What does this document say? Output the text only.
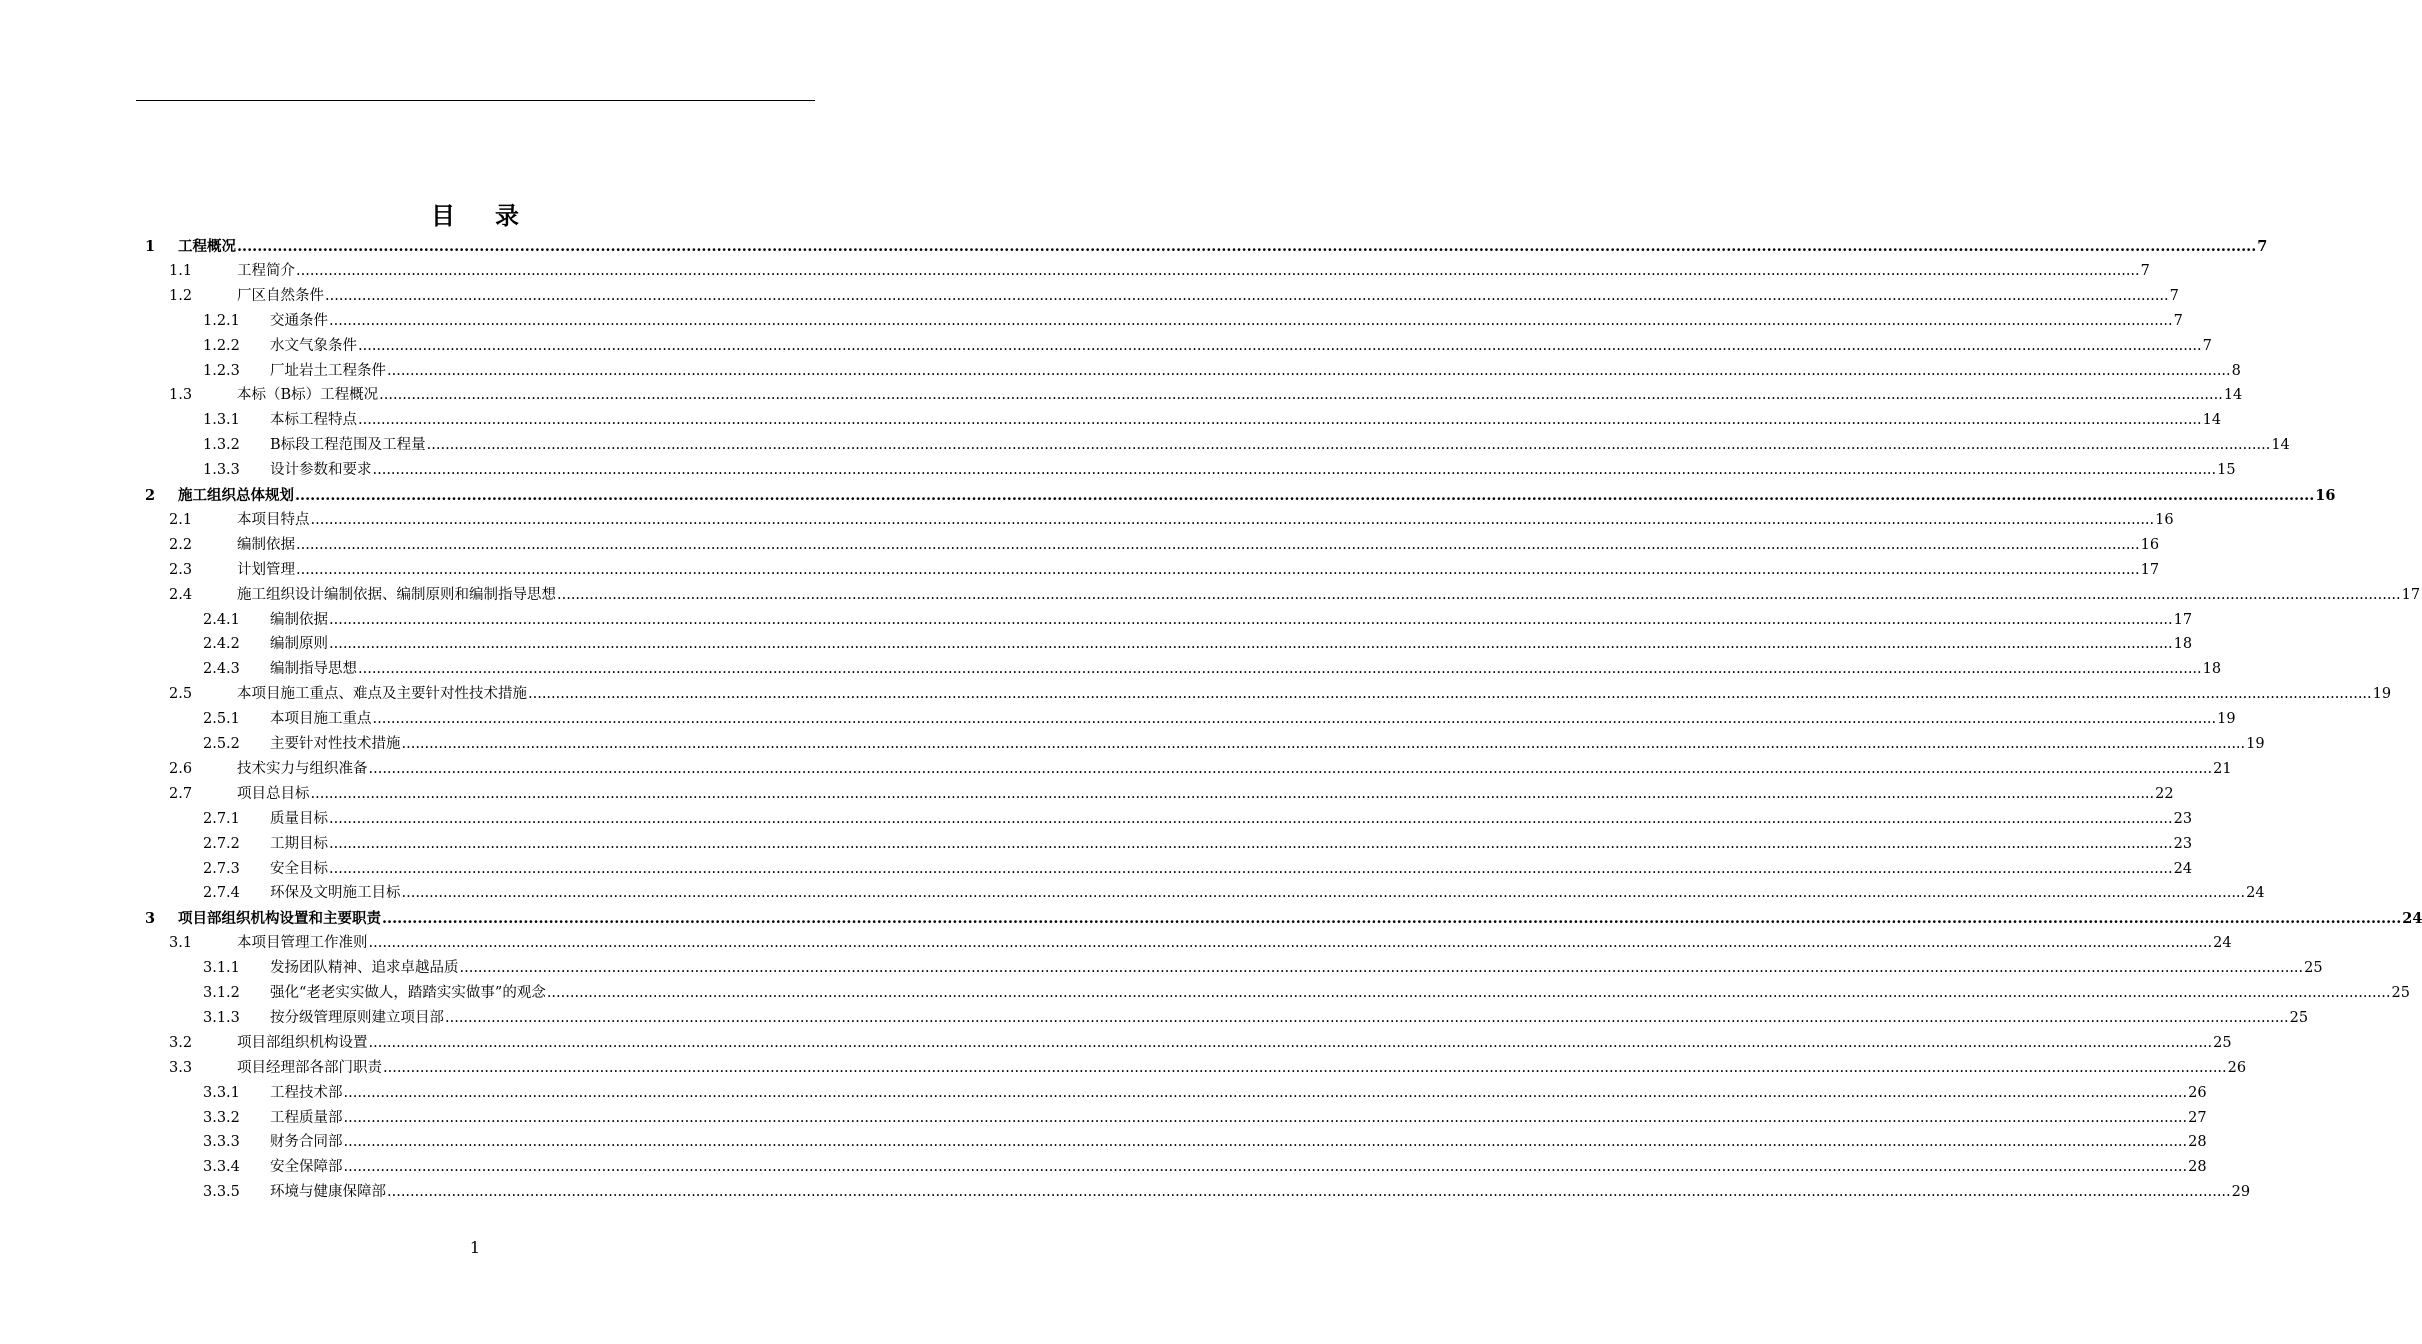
目 录
1	工程概况 ................................................................................................................................................................................................................................................................................................................................................................................................................ 7
1.1	工程简介 ................................................................................................................................................................................................................................................................................................................................................................................................................ 7
1.2	厂区自然条件 ................................................................................................................................................................................................................................................................................................................................................................................................................ 7
1.2.1	交通条件 ................................................................................................................................................................................................................................................................................................................................................................................................................ 7
1.2.2	水文气象条件 ................................................................................................................................................................................................................................................................................................................................................................................................................ 7
1.2.3	厂址岩土工程条件 ................................................................................................................................................................................................................................................................................................................................................................................................................ 8
1.3	本标（B标）工程概况 ................................................................................................................................................................................................................................................................................................................................................................................................................ 14
1.3.1	本标工程特点 ................................................................................................................................................................................................................................................................................................................................................................................................................ 14
1.3.2	B标段工程范围及工程量 ................................................................................................................................................................................................................................................................................................................................................................................................................ 14
1.3.3	设计参数和要求 ................................................................................................................................................................................................................................................................................................................................................................................................................ 15
2	施工组织总体规划 ................................................................................................................................................................................................................................................................................................................................................................................................................ 16
2.1	本项目特点 ................................................................................................................................................................................................................................................................................................................................................................................................................ 16
2.2	编制依据 ................................................................................................................................................................................................................................................................................................................................................................................................................ 16
2.3	计划管理 ................................................................................................................................................................................................................................................................................................................................................................................................................ 17
2.4	施工组织设计编制依据、编制原则和编制指导思想 ................................................................................................................................................................................................................................................................................................................................................................................................................ 17
2.4.1	编制依据 ................................................................................................................................................................................................................................................................................................................................................................................................................ 17
2.4.2	编制原则 ................................................................................................................................................................................................................................................................................................................................................................................................................ 18
2.4.3	编制指导思想 ................................................................................................................................................................................................................................................................................................................................................................................................................ 18
2.5	本项目施工重点、难点及主要针对性技术措施 ................................................................................................................................................................................................................................................................................................................................................................................................................ 19
2.5.1	本项目施工重点 ................................................................................................................................................................................................................................................................................................................................................................................................................ 19
2.5.2	主要针对性技术措施 ................................................................................................................................................................................................................................................................................................................................................................................................................ 19
2.6	技术实力与组织准备 ................................................................................................................................................................................................................................................................................................................................................................................................................ 21
2.7	项目总目标 ................................................................................................................................................................................................................................................................................................................................................................................................................ 22
2.7.1	质量目标 ................................................................................................................................................................................................................................................................................................................................................................................................................ 23
2.7.2	工期目标 ................................................................................................................................................................................................................................................................................................................................................................................................................ 23
2.7.3	安全目标 ................................................................................................................................................................................................................................................................................................................................................................................................................ 24
2.7.4	环保及文明施工目标 ................................................................................................................................................................................................................................................................................................................................................................................................................ 24
3	项目部组织机构设置和主要职责 ................................................................................................................................................................................................................................................................................................................................................................................................................ 24
3.1	本项目管理工作准则 ................................................................................................................................................................................................................................................................................................................................................................................................................ 24
3.1.1	发扬团队精神、追求卓越品质 ................................................................................................................................................................................................................................................................................................................................................................................................................ 25
3.1.2	强化“老老实实做人，踏踏实实做事”的观念 ................................................................................................................................................................................................................................................................................................................................................................................................................ 25
3.1.3	按分级管理原则建立项目部 ................................................................................................................................................................................................................................................................................................................................................................................................................ 25
3.2	项目部组织机构设置 ................................................................................................................................................................................................................................................................................................................................................................................................................ 25
3.3	项目经理部各部门职责 ................................................................................................................................................................................................................................................................................................................................................................................................................ 26
3.3.1	工程技术部 ................................................................................................................................................................................................................................................................................................................................................................................................................ 26
3.3.2	工程质量部 ................................................................................................................................................................................................................................................................................................................................................................................................................ 27
3.3.3	财务合同部 ................................................................................................................................................................................................................................................................................................................................................................................................................ 28
3.3.4	安全保障部 ................................................................................................................................................................................................................................................................................................................................................................................................................ 28
3.3.5	环境与健康保障部 ................................................................................................................................................................................................................................................................................................................................................................................................................ 29
1
